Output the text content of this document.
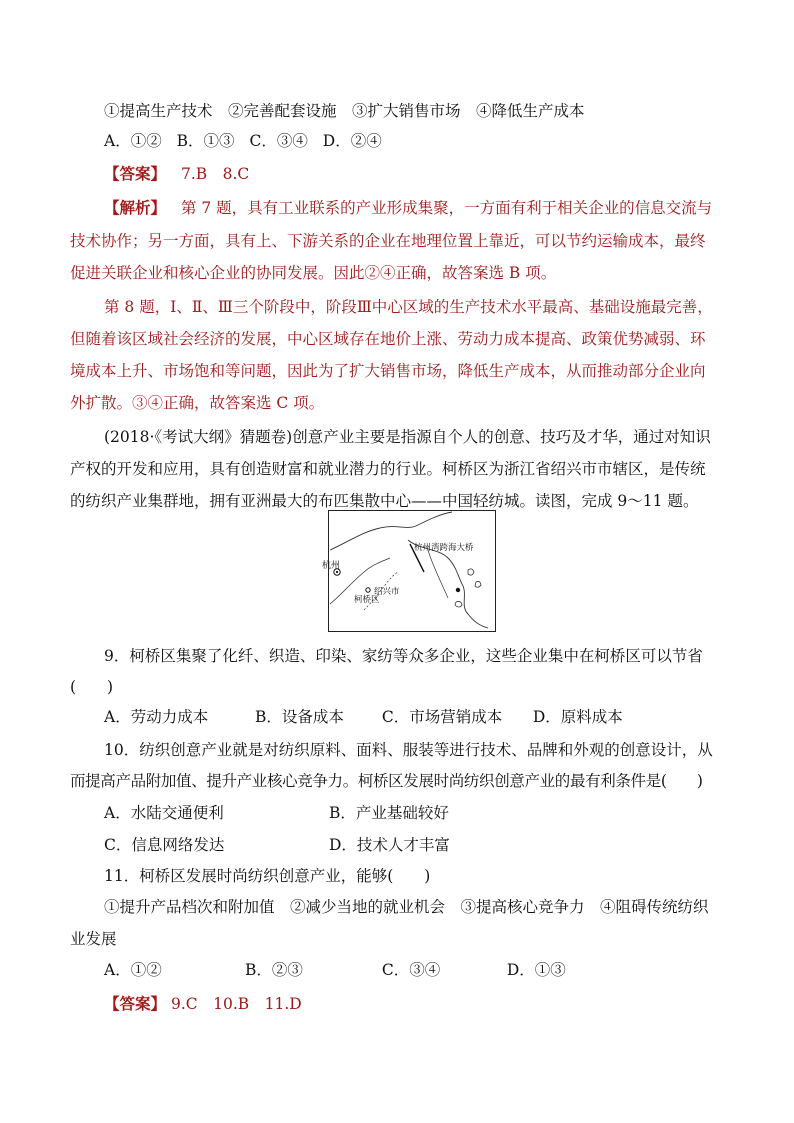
①提高生产技术　②完善配套设施　③扩大销售市场　④降低生产成本
A．①② B．①③ C．③④ D．②④
【答案】 7.B　8.C
【解析】 第 7 题，具有工业联系的产业形成集聚，一方面有利于相关企业的信息交流与
技术协作；另一方面，具有上、下游关系的企业在地理位置上靠近，可以节约运输成本，最终
促进关联企业和核心企业的协同发展。因此②④正确，故答案选 B 项。
第 8 题，Ⅰ、Ⅱ、Ⅲ三个阶段中，阶段Ⅲ中心区域的生产技术水平最高、基础设施最完善，
但随着该区域社会经济的发展，中心区域存在地价上涨、劳动力成本提高、政策优势减弱、环
境成本上升、市场饱和等问题，因此为了扩大销售市场，降低生产成本，从而推动部分企业向
外扩散。③④正确，故答案选 C 项。
(2018·《考试大纲》猜题卷)创意产业主要是指源自个人的创意、技巧及才华，通过对知识
产权的开发和应用，具有创造财富和就业潜力的行业。柯桥区为浙江省绍兴市市辖区，是传统
的纺织产业集群地，拥有亚洲最大的布匹集散中心——中国轻纺城。读图，完成 9～11 题。
杭州
杭州湾跨海大桥
柯桥区
绍兴市
9．柯桥区集聚了化纤、织造、印染、家纺等众多企业，这些企业集中在柯桥区可以节省
(　　)
A．劳动力成本	B．设备成本 C．市场营销成本 D．原料成本
10．纺织创意产业就是对纺织原料、面料、服装等进行技术、品牌和外观的创意设计，从
而提高产品附加值、提升产业核心竞争力。柯桥区发展时尚纺织创意产业的最有利条件是(　　)
A．水陆交通便利	B．产业基础较好
C．信息网络发达	D．技术人才丰富
11．柯桥区发展时尚纺织创意产业，能够(　　)
①提升产品档次和附加值　②减少当地的就业机会　③提高核心竞争力　④阻碍传统纺织
业发展
A．①②	B．②③	C．③④	D．①③
【答案】 9.C　10.B　11.D
